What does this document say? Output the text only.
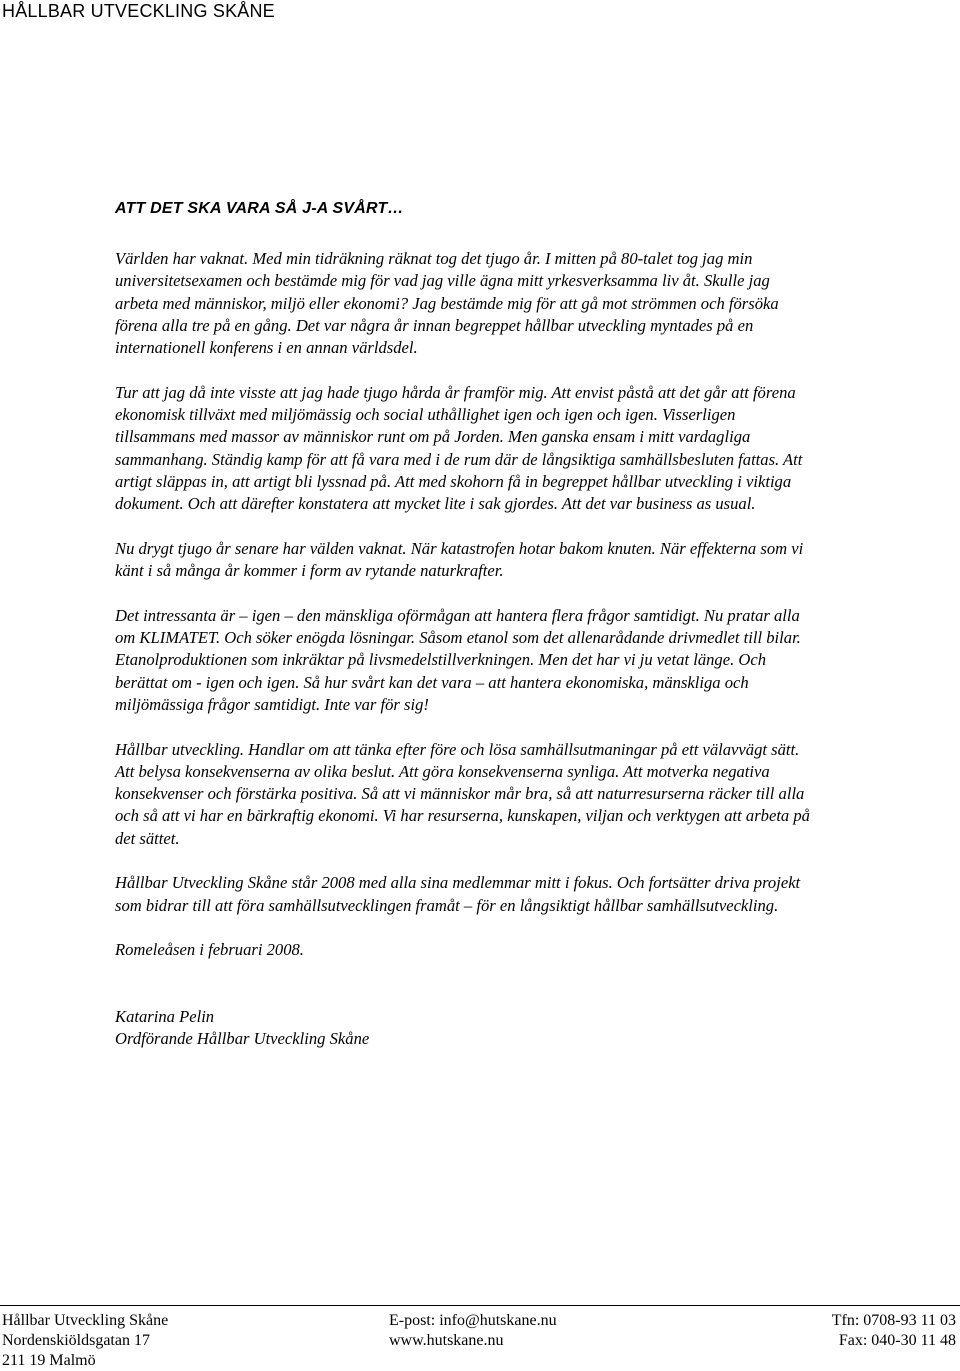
HÅLLBAR UTVECKLING SKÅNE
ATT DET SKA VARA SÅ J-A SVÅRT…

Världen har vaknat. Med min tidräkning räknat tog det tjugo år. I mitten på 80-talet tog jag min universitetsexamen och bestämde mig för vad jag ville ägna mitt yrkesverksamma liv åt. Skulle jag arbeta med människor, miljö eller ekonomi? Jag bestämde mig för att gå mot strömmen och försöka förena alla tre på en gång. Det var några år innan begreppet hållbar utveckling myntades på en internationell konferens i en annan världsdel.

Tur att jag då inte visste att jag hade tjugo hårda år framför mig. Att envist påstå att det går att förena ekonomisk tillväxt med miljömässig och social uthållighet igen och igen och igen. Visserligen tillsammans med massor av människor runt om på Jorden. Men ganska ensam i mitt vardagliga sammanhang. Ständig kamp för att få vara med i de rum där de långsiktiga samhällsbesluten fattas. Att artigt släppas in, att artigt bli lyssnad på. Att med skohorn få in begreppet hållbar utveckling i viktiga dokument. Och att därefter konstatera att mycket lite i sak gjordes. Att det var business as usual.

Nu drygt tjugo år senare har välden vaknat. När katastrofen hotar bakom knuten. När effekterna som vi känt i så många år kommer i form av rytande naturkrafter.

Det intressanta är – igen – den mänskliga oförmågan att hantera flera frågor samtidigt. Nu pratar alla om KLIMATET. Och söker enögda lösningar. Såsom etanol som det allenarådande drivmedlet till bilar. Etanolproduktionen som inkräktar på livsmedelstillverkningen. Men det har vi ju vetat länge. Och berättat om - igen och igen. Så hur svårt kan det vara – att hantera ekonomiska, mänskliga och miljömässiga frågor samtidigt. Inte var för sig!

Hållbar utveckling. Handlar om att tänka efter före och lösa samhällsutmaningar på ett välavvägt sätt. Att belysa konsekvenserna av olika beslut. Att göra konsekvenserna synliga. Att motverka negativa konsekvenser och förstärka positiva. Så att vi människor mår bra, så att naturresurserna räcker till alla och så att vi har en bärkraftig ekonomi. Vi har resurserna, kunskapen, viljan och verktygen att arbeta på det sättet.

Hållbar Utveckling Skåne står 2008 med alla sina medlemmar mitt i fokus. Och fortsätter driva projekt som bidrar till att föra samhällsutvecklingen framåt – för en långsiktigt hållbar samhällsutveckling.

Romeleåsen i februari 2008.

Katarina Pelin

Ordförande Hållbar Utveckling Skåne

Hållbar Utveckling Skåne
Nordenskiöldsgatan 17
211 19 Malmö
E-post: info@hutskane.nu
www.hutskane.nu
Tfn: 0708-93 11 03
Fax: 040-30 11 48
